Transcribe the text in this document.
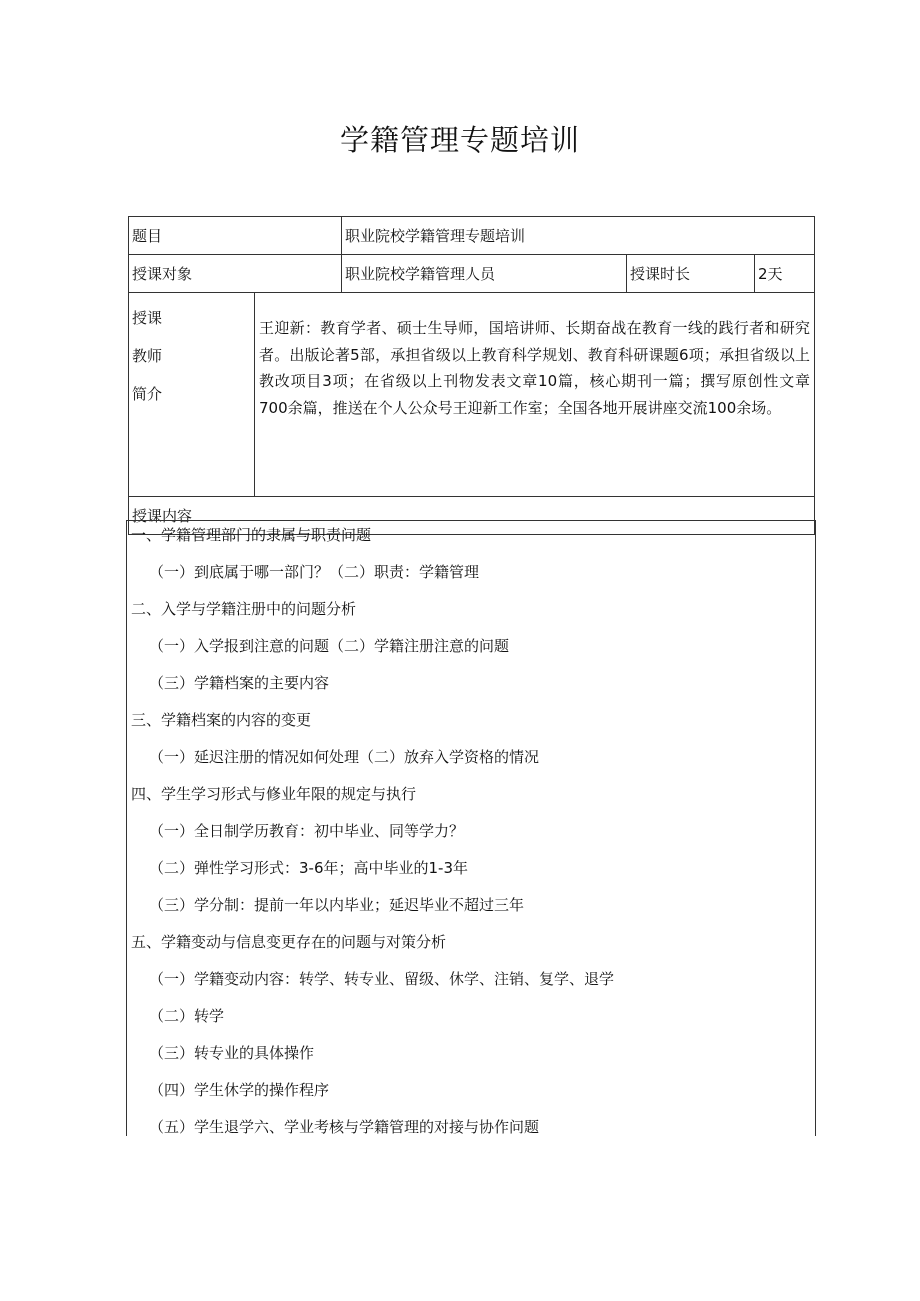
学籍管理专题培训
题目		职业院校学籍管理专题培训		
授课对象		职业院校学籍管理人员	授课时长	2天

授课
教师
简介	王迎新：教育学者、硕士生导师，国培讲师、长期奋战在教育一线的践行者和研究者。出版论著5部，承担省级以上教育科学规划、教育科研课题6项；承担省级以上教改项目3项；在省级以上刊物发表文章10篇，核心期刊一篇；撰写原创性文章700余篇，推送在个人公众号王迎新工作室；全国各地开展讲座交流100余场。			
授课内容				
一、学籍管理部门的隶属与职责问题
（一）到底属于哪一部门？（二）职责：学籍管理
二、入学与学籍注册中的问题分析
（一）入学报到注意的问题（二）学籍注册注意的问题
（三）学籍档案的主要内容
三、学籍档案的内容的变更
（一）延迟注册的情况如何处理（二）放弃入学资格的情况
四、学生学习形式与修业年限的规定与执行
（一）全日制学历教育：初中毕业、同等学力？
（二）弹性学习形式：3-6年；高中毕业的1-3年
（三）学分制：提前一年以内毕业；延迟毕业不超过三年
五、学籍变动与信息变更存在的问题与对策分析
（一）学籍变动内容：转学、转专业、留级、休学、注销、复学、退学
（二）转学
（三）转专业的具体操作
（四）学生休学的操作程序
（五）学生退学六、学业考核与学籍管理的对接与协作问题
